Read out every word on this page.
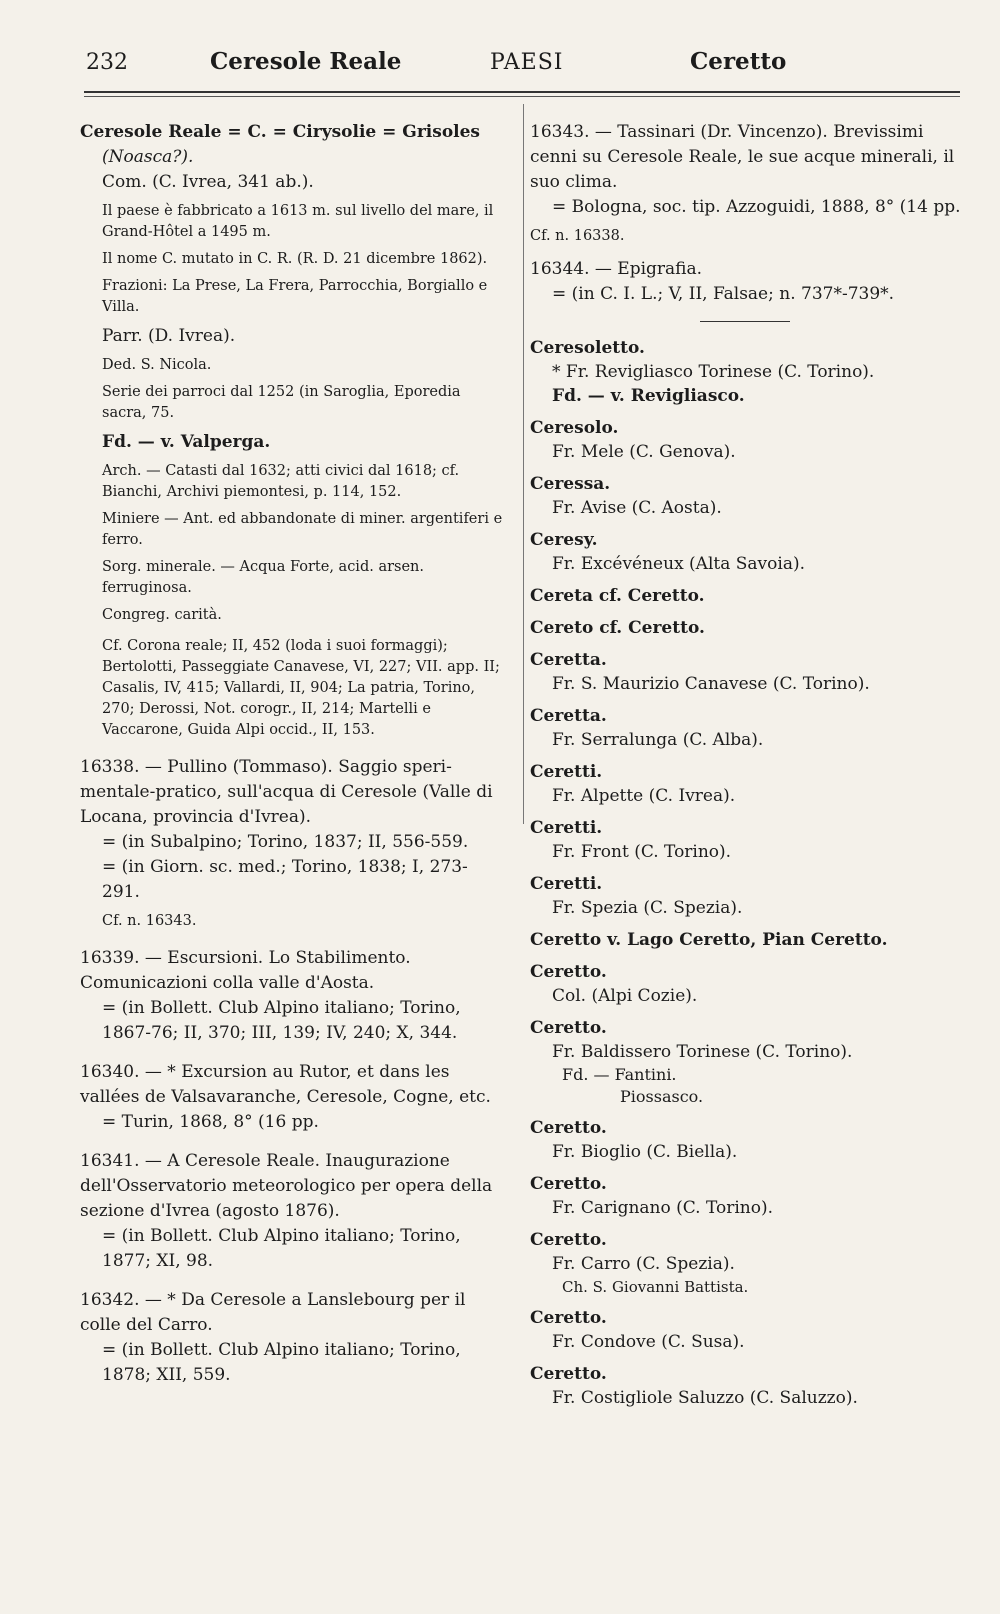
232	Ceresole Reale	PAESI	Ceretto

Ceresole Reale = C. = Cirysolie = Grisoles

(Noasca?).

Com. (C. Ivrea, 341 ab.).

Il paese è fabbricato a 1613 m. sul livello del mare, il Grand-Hôtel a 1495 m.

Il nome C. mutato in C. R. (R. D. 21 dicembre 1862).

Frazioni: La Prese, La Frera, Parrocchia, Borgiallo e Villa.

Parr. (D. Ivrea).

Ded. S. Nicola.

Serie dei parroci dal 1252 (in Saroglia, Eporedia sacra, 75.

Fd. — v. Valperga.

Arch. — Catasti dal 1632; atti civici dal 1618; cf. Bianchi, Archivi piemontesi, p. 114, 152.

Miniere — Ant. ed abbandonate di miner. argentiferi e ferro.

Sorg. minerale. — Acqua Forte, acid. arsen. ferruginosa.

Congreg. carità.

Cf. Corona reale; II, 452 (loda i suoi formaggi); Bertolotti, Passeggiate Canavese, VI, 227; VII. app. II; Casalis, IV, 415; Vallardi, II, 904; La patria, Torino, 270; Derossi, Not. corogr., II, 214; Martelli e Vaccarone, Guida Alpi occid., II, 153.

16338. — Pullino (Tommaso). Saggio speri-mentale-pratico, sull'acqua di Ceresole (Valle di Locana, provincia d'Ivrea).

= (in Subalpino; Torino, 1837; II, 556-559.

= (in Giorn. sc. med.; Torino, 1838; I, 273-291.

Cf. n. 16343.

16339. — Escursioni. Lo Stabilimento. Comunicazioni colla valle d'Aosta.

= (in Bollett. Club Alpino italiano; Torino, 1867-76; II, 370; III, 139; IV, 240; X, 344.

16340. — * Excursion au Rutor, et dans les vallées de Valsavaranche, Ceresole, Cogne, etc.

= Turin, 1868, 8° (16 pp.

16341. — A Ceresole Reale. Inaugurazione dell'Osservatorio meteorologico per opera della sezione d'Ivrea (agosto 1876).

= (in Bollett. Club Alpino italiano; Torino, 1877; XI, 98.

16342. — * Da Ceresole a Lanslebourg per il colle del Carro.

= (in Bollett. Club Alpino italiano; Torino, 1878; XII, 559.

16343. — Tassinari (Dr. Vincenzo). Brevissimi cenni su Ceresole Reale, le sue acque minerali, il suo clima.

= Bologna, soc. tip. Azzoguidi, 1888, 8° (14 pp.

Cf. n. 16338.

16344. — Epigrafia.

= (in C. I. L.; V, II, Falsae; n. 737*-739*.

Ceresoletto.
* Fr. Revigliasco Torinese (C. Torino).
Fd. — v. Revigliasco.
Ceresolo.
Fr. Mele (C. Genova).
Ceressa.
Fr. Avise (C. Aosta).
Ceresy.
Fr. Excévéneux (Alta Savoia).
Cereta cf. Ceretto.
Cereto cf. Ceretto.
Ceretta.
Fr. S. Maurizio Canavese (C. Torino).
Ceretta.
Fr. Serralunga (C. Alba).
Ceretti.
Fr. Alpette (C. Ivrea).
Ceretti.
Fr. Front (C. Torino).
Ceretti.
Fr. Spezia (C. Spezia).
Ceretto v. Lago Ceretto, Pian Ceretto.
Ceretto.
Col. (Alpi Cozie).
Ceretto.
Fr. Baldissero Torinese (C. Torino).
Fd. — Fantini.
Piossasco.
Ceretto.
Fr. Bioglio (C. Biella).
Ceretto.
Fr. Carignano (C. Torino).
Ceretto.
Fr. Carro (C. Spezia).
Ch. S. Giovanni Battista.
Ceretto.
Fr. Condove (C. Susa).
Ceretto.
Fr. Costigliole Saluzzo (C. Saluzzo).
